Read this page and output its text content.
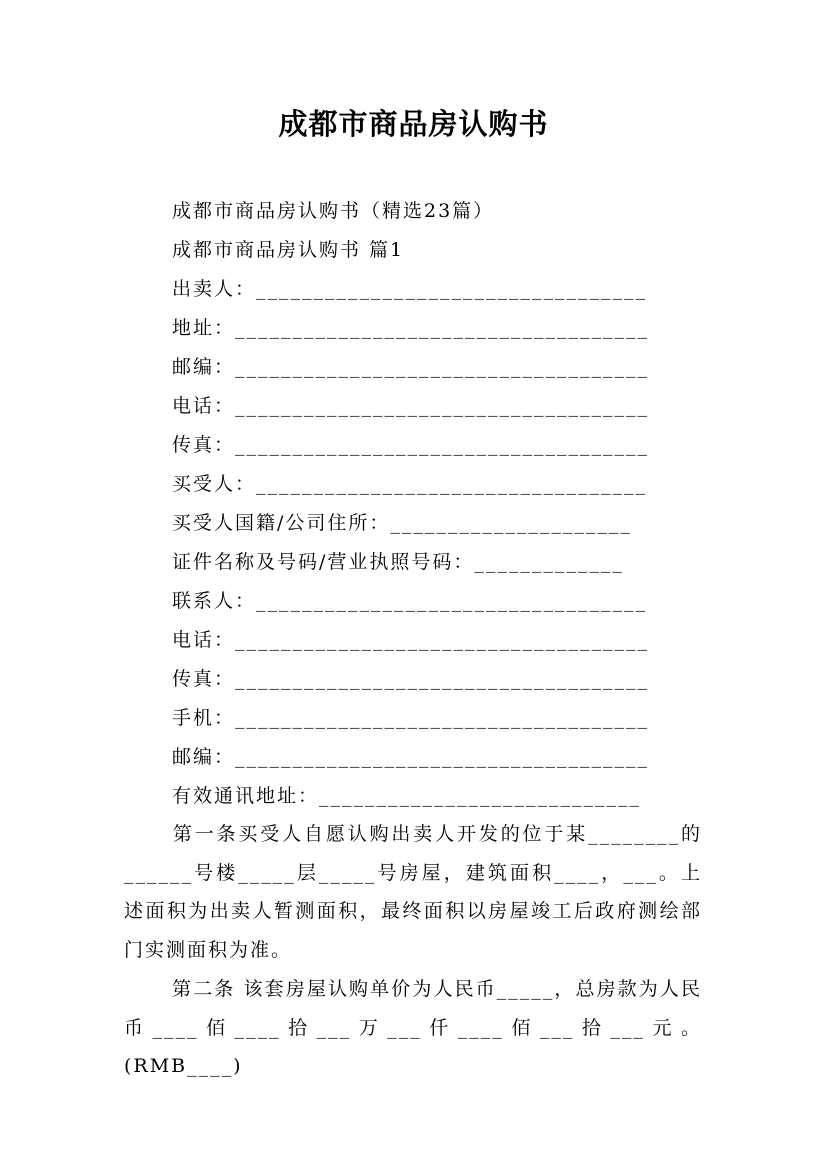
成都市商品房认购书
成都市商品房认购书（精选23篇）
成都市商品房认购书 篇1
出卖人：__________________________________
地址：____________________________________
邮编：____________________________________
电话：____________________________________
传真：____________________________________
买受人：__________________________________
买受人国籍/公司住所：_____________________
证件名称及号码/营业执照号码：_____________
联系人：__________________________________
电话：____________________________________
传真：____________________________________
手机：____________________________________
邮编：____________________________________
有效通讯地址：____________________________
第一条买受人自愿认购出卖人开发的位于某________的______号楼_____层_____号房屋，建筑面积____，___。上述面积为出卖人暂测面积，最终面积以房屋竣工后政府测绘部门实测面积为准。
第二条 该套房屋认购单价为人民币_____，总房款为人民币____佰____拾___万___仟____佰___拾___元。(RMB____)
